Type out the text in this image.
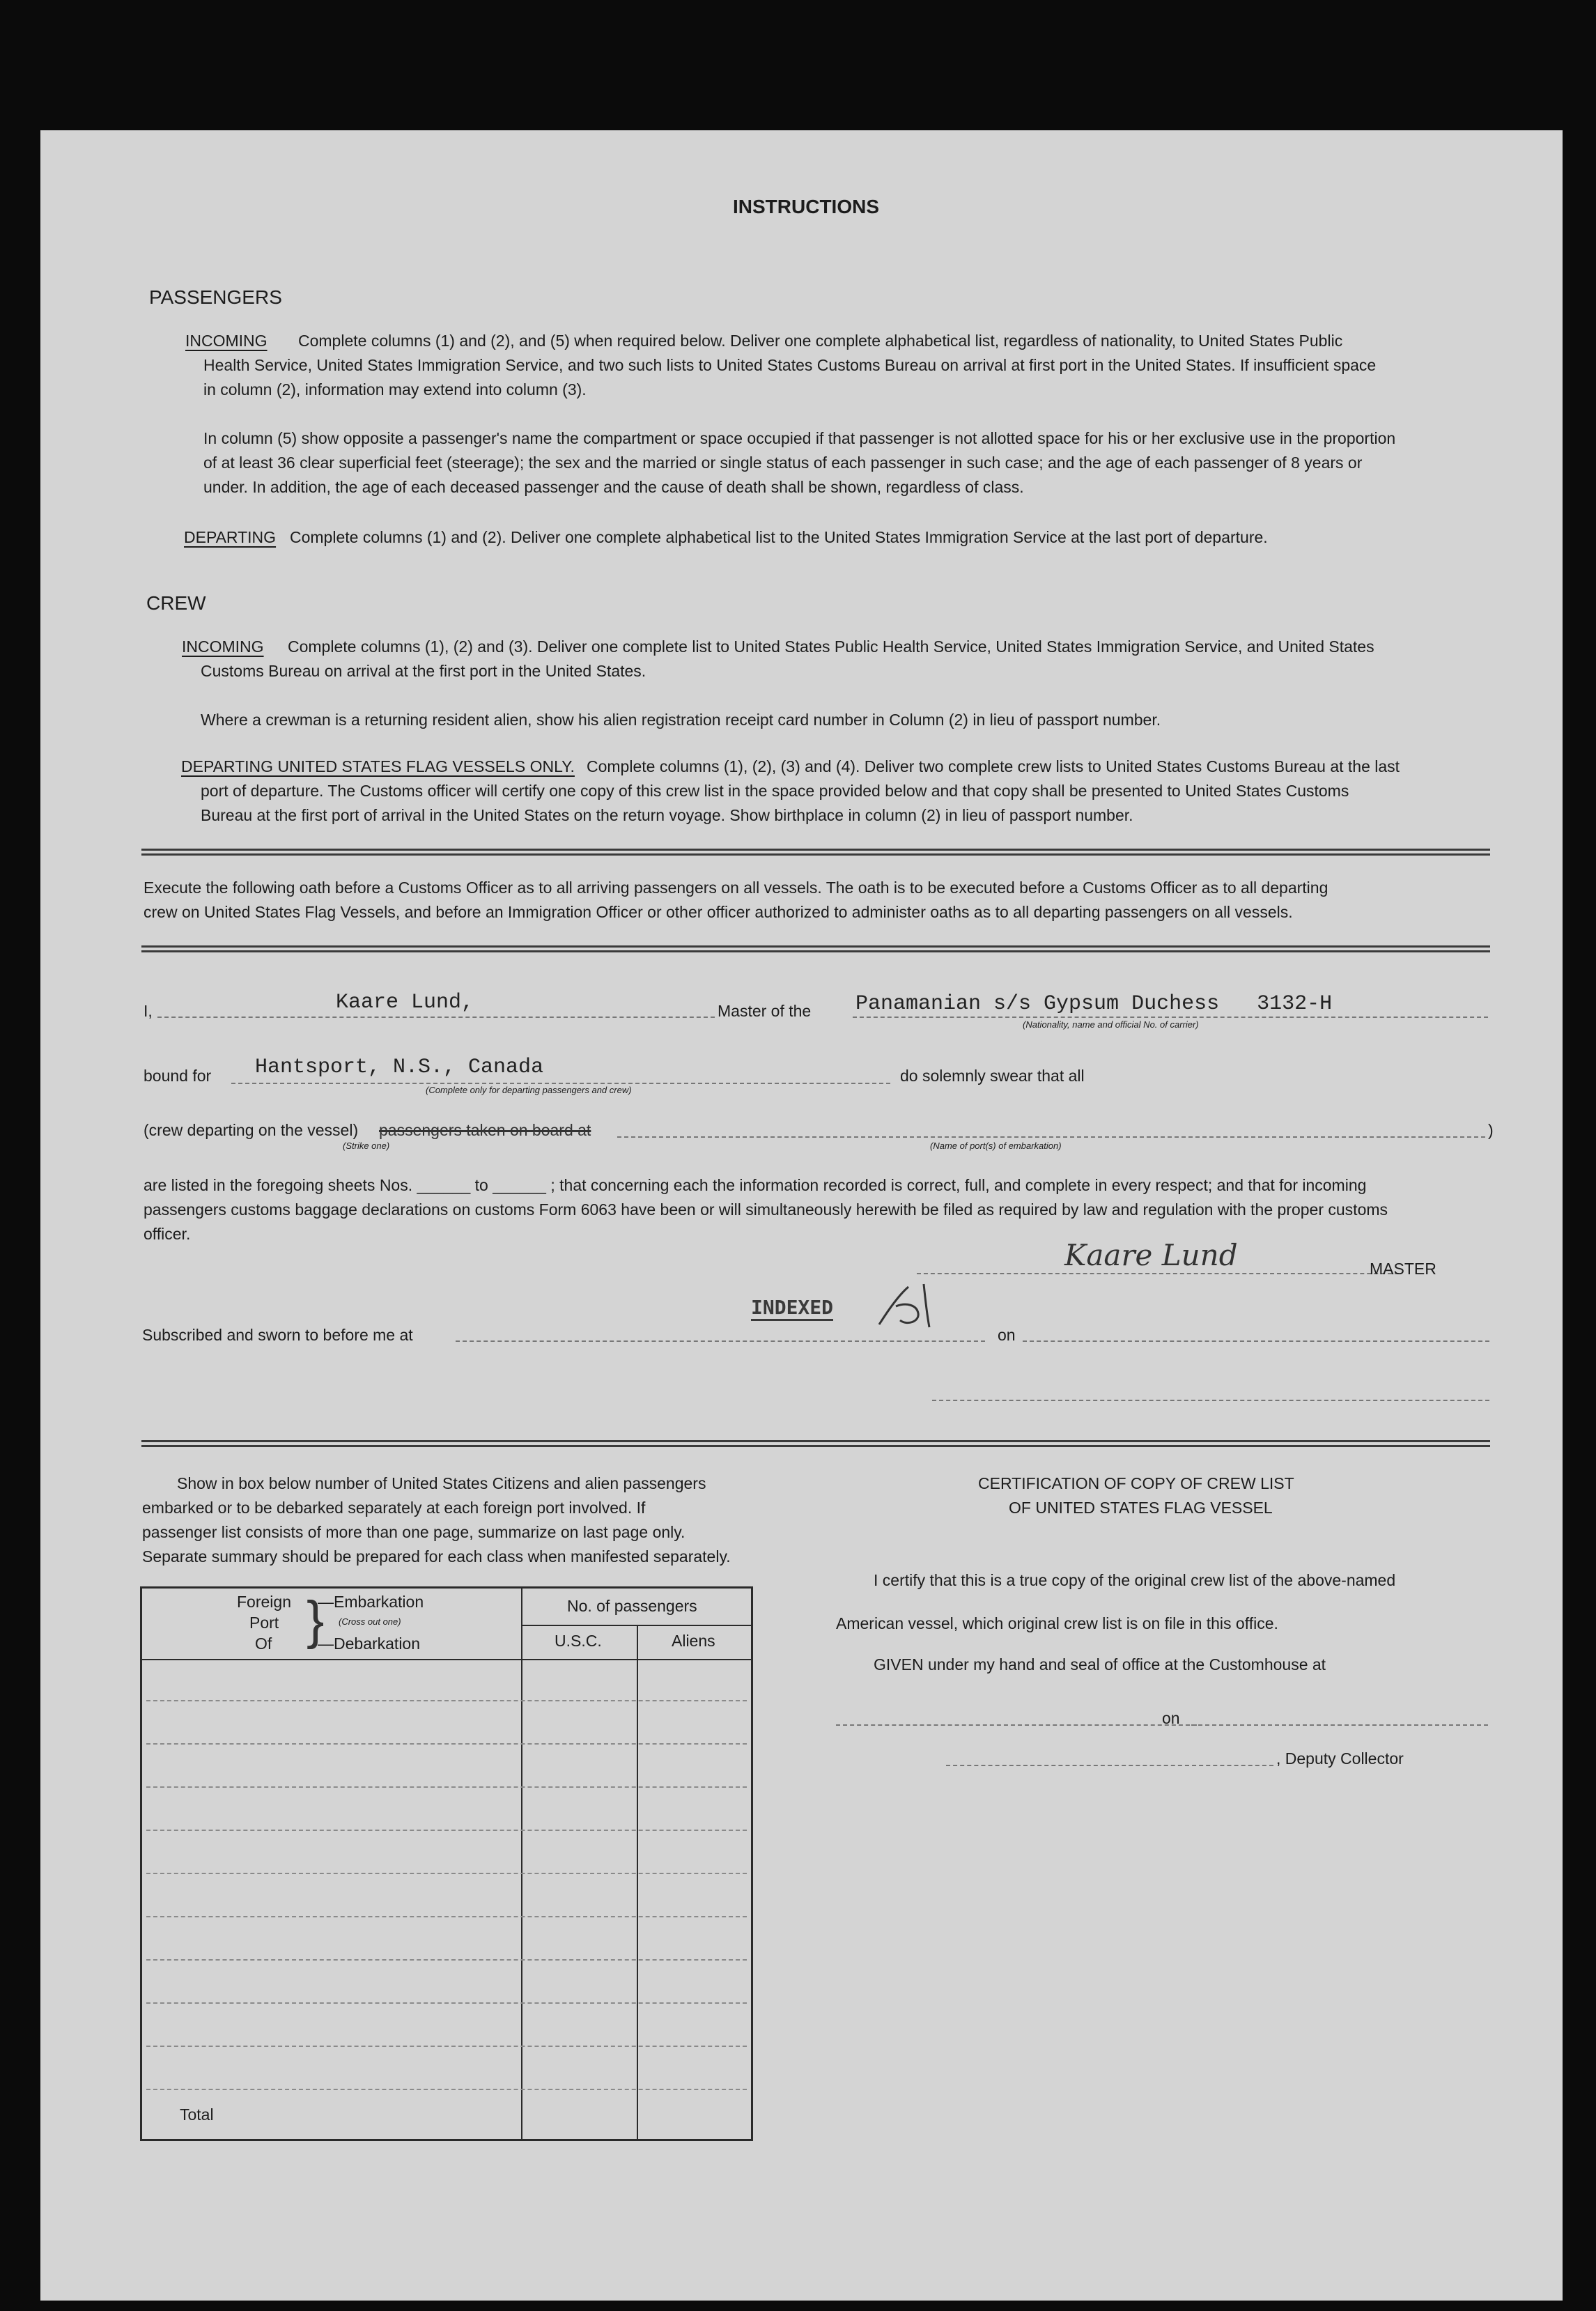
INSTRUCTIONS
PASSENGERS
INCOMING Complete columns (1) and (2), and (5) when required below. Deliver one complete alphabetical list, regardless of nationality, to United States Public
Health Service, United States Immigration Service, and two such lists to United States Customs Bureau on arrival at first port in the United States. If insufficient space
in column (2), information may extend into column (3).
In column (5) show opposite a passenger's name the compartment or space occupied if that passenger is not allotted space for his or her exclusive use in the proportion
of at least 36 clear superficial feet (steerage); the sex and the married or single status of each passenger in such case; and the age of each passenger of 8 years or
under. In addition, the age of each deceased passenger and the cause of death shall be shown, regardless of class.
DEPARTING Complete columns (1) and (2). Deliver one complete alphabetical list to the United States Immigration Service at the last port of departure.
CREW
INCOMING Complete columns (1), (2) and (3). Deliver one complete list to United States Public Health Service, United States Immigration Service, and United States
Customs Bureau on arrival at the first port in the United States.
Where a crewman is a returning resident alien, show his alien registration receipt card number in Column (2) in lieu of passport number.
DEPARTING UNITED STATES FLAG VESSELS ONLY. Complete columns (1), (2), (3) and (4). Deliver two complete crew lists to United States Customs Bureau at the last
port of departure. The Customs officer will certify one copy of this crew list in the space provided below and that copy shall be presented to United States Customs
Bureau at the first port of arrival in the United States on the return voyage. Show birthplace in column (2) in lieu of passport number.
Execute the following oath before a Customs Officer as to all arriving passengers on all vessels. The oath is to be executed before a Customs Officer as to all departing
crew on United States Flag Vessels, and before an Immigration Officer or other officer authorized to administer oaths as to all departing passengers on all vessels.
I,	Kaare Lund,	Master of the Panamanian s/s Gypsum Duchess   3132-H
(Nationality, name and official No. of carrier)
bound for Hantsport, N.S., Canada
(Complete only for departing passengers and crew)
do solemnly swear that all
(crew departing on the vessel) passengers taken on board at	)
(Strike one)	(Name of port(s) of embarkation)
are listed in the foregoing sheets Nos. ______ to ______ ; that concerning each the information recorded is correct, full, and complete in every respect; and that for incoming
passengers customs baggage declarations on customs Form 6063 have been or will simultaneously herewith be filed as required by law and regulation with the proper customs
officer.
Kaare Lund	MASTER
Subscribed and sworn to before me at
INDEXED
on
Show in box below number of United States Citizens and alien passengers
embarked or to be debarked separately at each foreign port involved. If
passenger list consists of more than one page, summarize on last page only.
Separate summary should be prepared for each class when manifested separately.
Foreign
Port
Of }
—Embarkation
(Cross out one)
—Debarkation
No. of passengers
U.S.C.	Aliens
Total
CERTIFICATION OF COPY OF CREW LIST
OF UNITED STATES FLAG VESSEL
I certify that this is a true copy of the original crew list of the above-named
American vessel, which original crew list is on file in this office.
GIVEN under my hand and seal of office at the Customhouse at
on
, Deputy Collector
